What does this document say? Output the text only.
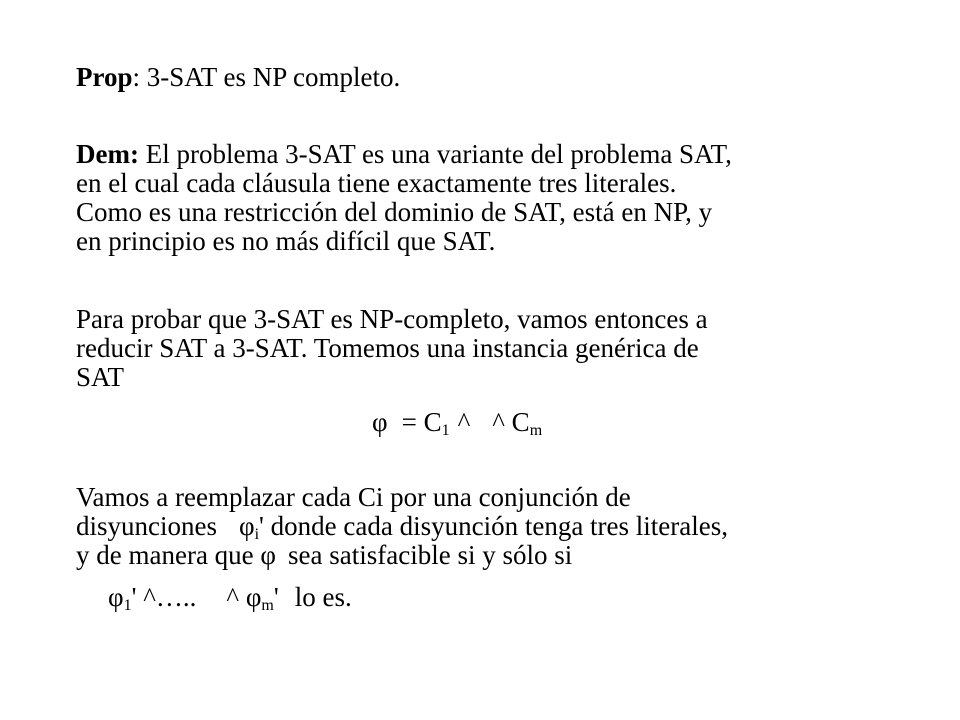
Prop: 3-SAT es NP completo.

Dem: El problema 3-SAT es una variante del problema SAT,
en el cual cada cláusula tiene exactamente tres literales.
Como es una restricción del dominio de SAT, está en NP, y
en principio es no más difícil que SAT.

Para probar que 3-SAT es NP-completo, vamos entonces a
reducir SAT a 3-SAT. Tomemos una instancia genérica de
SAT

$\varphi = C_1$ ^ ^ $C_m$

Vamos a reemplazar cada Ci por una conjunción de
disyunciones $\varphi_i'$ donde cada disyunción tenga tres literales,
y de manera que φ sea satisfacible si y sólo si

$\varphi_1'$ ^….. ^ $\varphi_m'$ lo es.
